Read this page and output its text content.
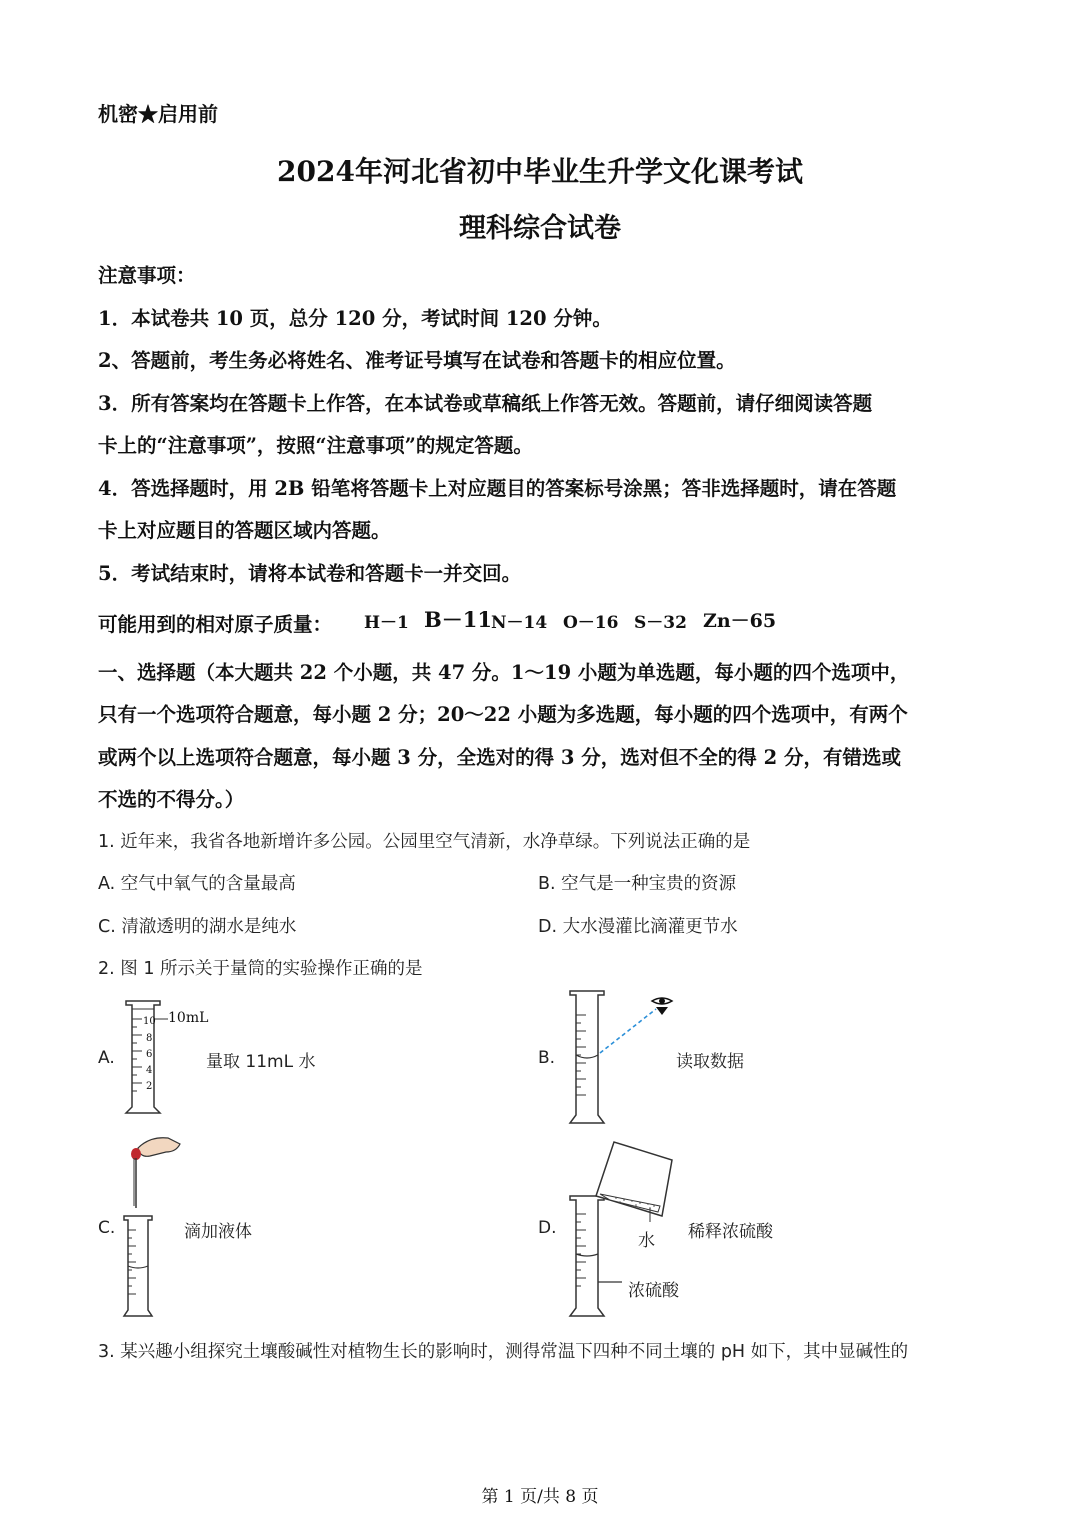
机密★启用前
2024年河北省初中毕业生升学文化课考试
理科综合试卷
注意事项：
1．本试卷共 10 页，总分 120 分，考试时间 120 分钟。
2、答题前，考生务必将姓名、准考证号填写在试卷和答题卡的相应位置。
3．所有答案均在答题卡上作答，在本试卷或草稿纸上作答无效。答题前，请仔细阅读答题
卡上的“注意事项”，按照“注意事项”的规定答题。
4．答选择题时，用 2B 铅笔将答题卡上对应题目的答案标号涂黑；答非选择题时，请在答题
卡上对应题目的答题区域内答题。
5．考试结束时，请将本试卷和答题卡一并交回。
可能用到的相对原子质量： H－1 B－11 N－14 O－16 S－32 Zn－65
一、选择题（本大题共 22 个小题，共 47 分。1～19 小题为单选题，每小题的四个选项中，
只有一个选项符合题意，每小题 2 分；20～22 小题为多选题，每小题的四个选项中，有两个
或两个以上选项符合题意，每小题 3 分，全选对的得 3 分，选对但不全的得 2 分，有错选或
不选的不得分。）
1. 近年来，我省各地新增许多公园。公园里空气清新，水净草绿。下列说法正确的是
A. 空气中氧气的含量最高	B. 空气是一种宝贵的资源
C. 清澈透明的湖水是纯水	D. 大水漫灌比滴灌更节水
2. 图 1 所示关于量筒的实验操作正确的是
A.
10mL
10
8
6
4
2
量取 11mL 水	B.	读取数据
C.	滴加液体	D.
水
浓硫酸
稀释浓硫酸
3. 某兴趣小组探究土壤酸碱性对植物生长的影响时，测得常温下四种不同土壤的 pH 如下，其中显碱性的
第 1 页/共 8 页
